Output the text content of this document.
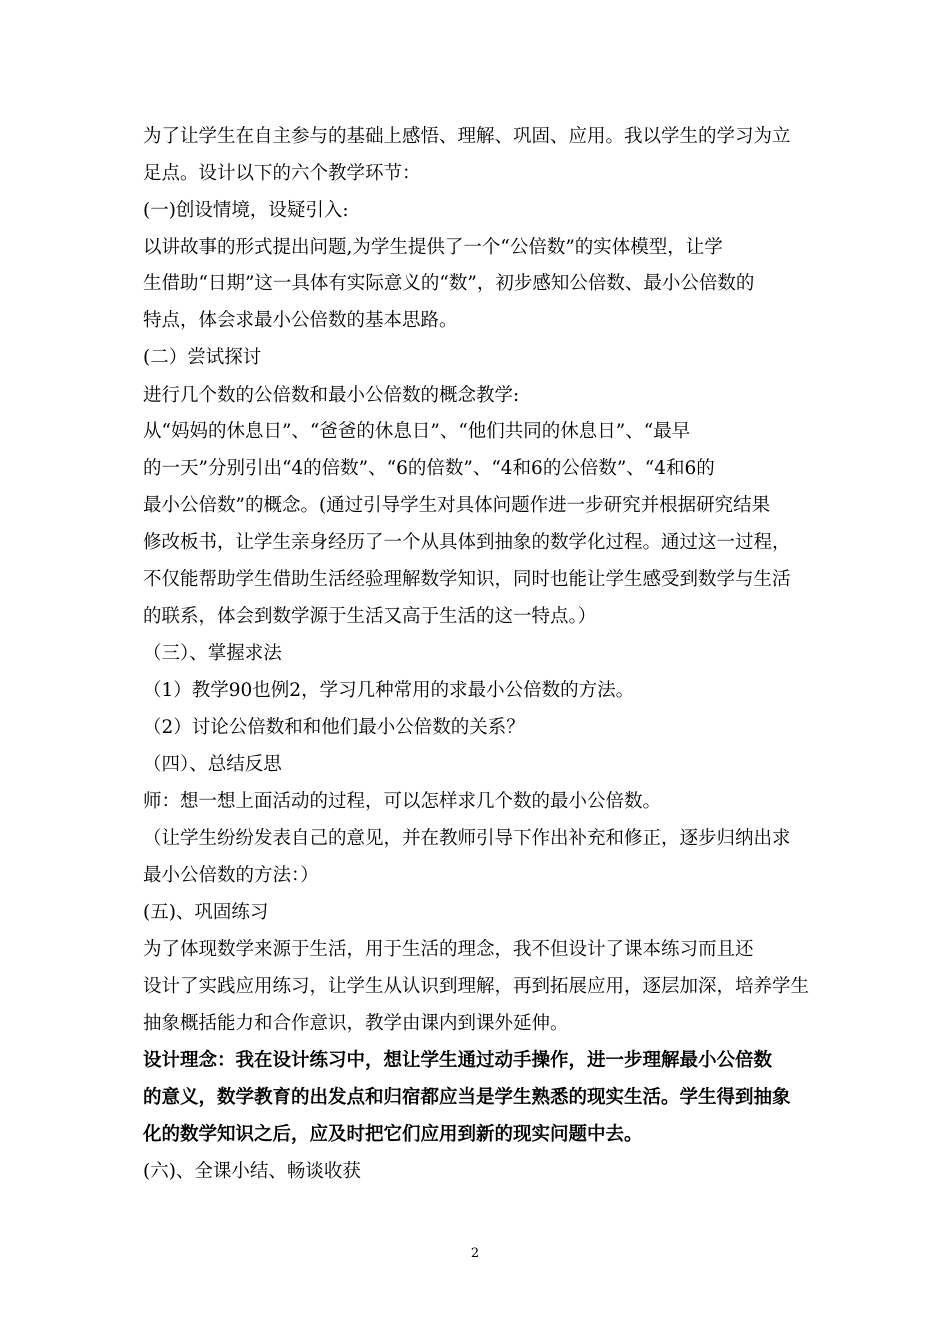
为了让学生在自主参与的基础上感悟、理解、巩固、应用。我以学生的学习为立
足点。设计以下的六个教学环节：
(一)创设情境，设疑引入:
以讲故事的形式提出问题,为学生提供了一个“公倍数”的实体模型，让学
生借助“日期”这一具体有实际意义的“数”，初步感知公倍数、最小公倍数的
特点，体会求最小公倍数的基本思路。
(二）尝试探讨
进行几个数的公倍数和最小公倍数的概念教学:
从“妈妈的休息日”、“爸爸的休息日”、“他们共同的休息日”、“最早
的一天”分别引出“4的倍数”、“6的倍数”、“4和6的公倍数”、“4和6的
最小公倍数”的概念。(通过引导学生对具体问题作进一步研究并根据研究结果
修改板书，让学生亲身经历了一个从具体到抽象的数学化过程。通过这一过程，
不仅能帮助学生借助生活经验理解数学知识，同时也能让学生感受到数学与生活
的联系，体会到数学源于生活又高于生活的这一特点。）
（三）、掌握求法
（1）教学90也例2，学习几种常用的求最小公倍数的方法。
（2）讨论公倍数和和他们最小公倍数的关系？
（四）、总结反思
师：想一想上面活动的过程，可以怎样求几个数的最小公倍数。
（让学生纷纷发表自己的意见，并在教师引导下作出补充和修正，逐步归纳出求
最小公倍数的方法：）
(五)、巩固练习
为了体现数学来源于生活，用于生活的理念，我不但设计了课本练习而且还
设计了实践应用练习，让学生从认识到理解，再到拓展应用，逐层加深，培养学生
抽象概括能力和合作意识，教学由课内到课外延伸。
设计理念：我在设计练习中，想让学生通过动手操作，进一步理解最小公倍数
的意义，数学教育的出发点和归宿都应当是学生熟悉的现实生活。学生得到抽象
化的数学知识之后，应及时把它们应用到新的现实问题中去。
(六)、全课小结、畅谈收获
2
